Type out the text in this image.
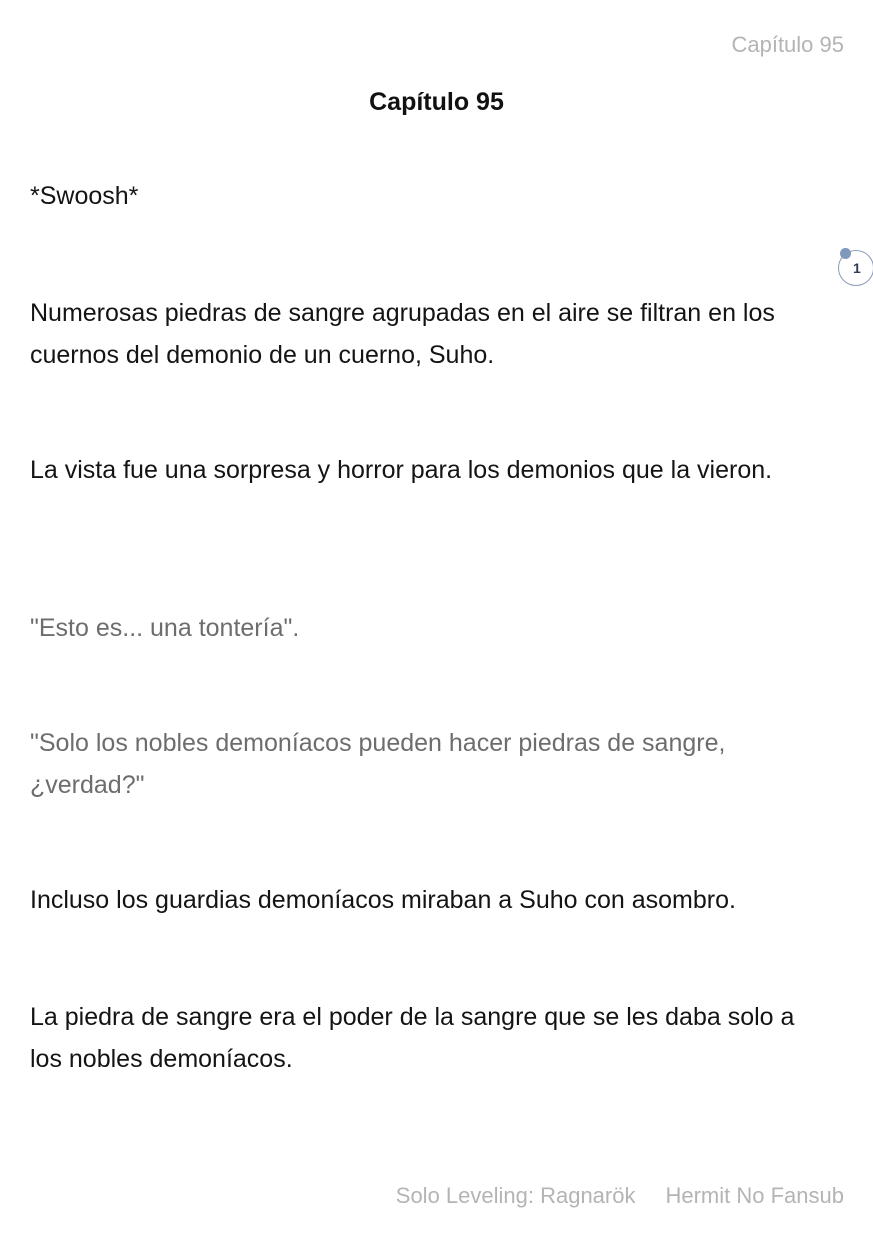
Capítulo 95
Capítulo 95

*Swoosh*

Numerosas piedras de sangre agrupadas en el aire se filtran en los cuernos del demonio de un cuerno, Suho.

La vista fue una sorpresa y horror para los demonios que la vieron.

"Esto es... una tontería".

"Solo los nobles demoníacos pueden hacer piedras de sangre, ¿verdad?"

Incluso los guardias demoníacos miraban a Suho con asombro.

La piedra de sangre era el poder de la sangre que se les daba solo a los nobles demoníacos.

1
Solo Leveling: Ragnarök Hermit No Fansub
